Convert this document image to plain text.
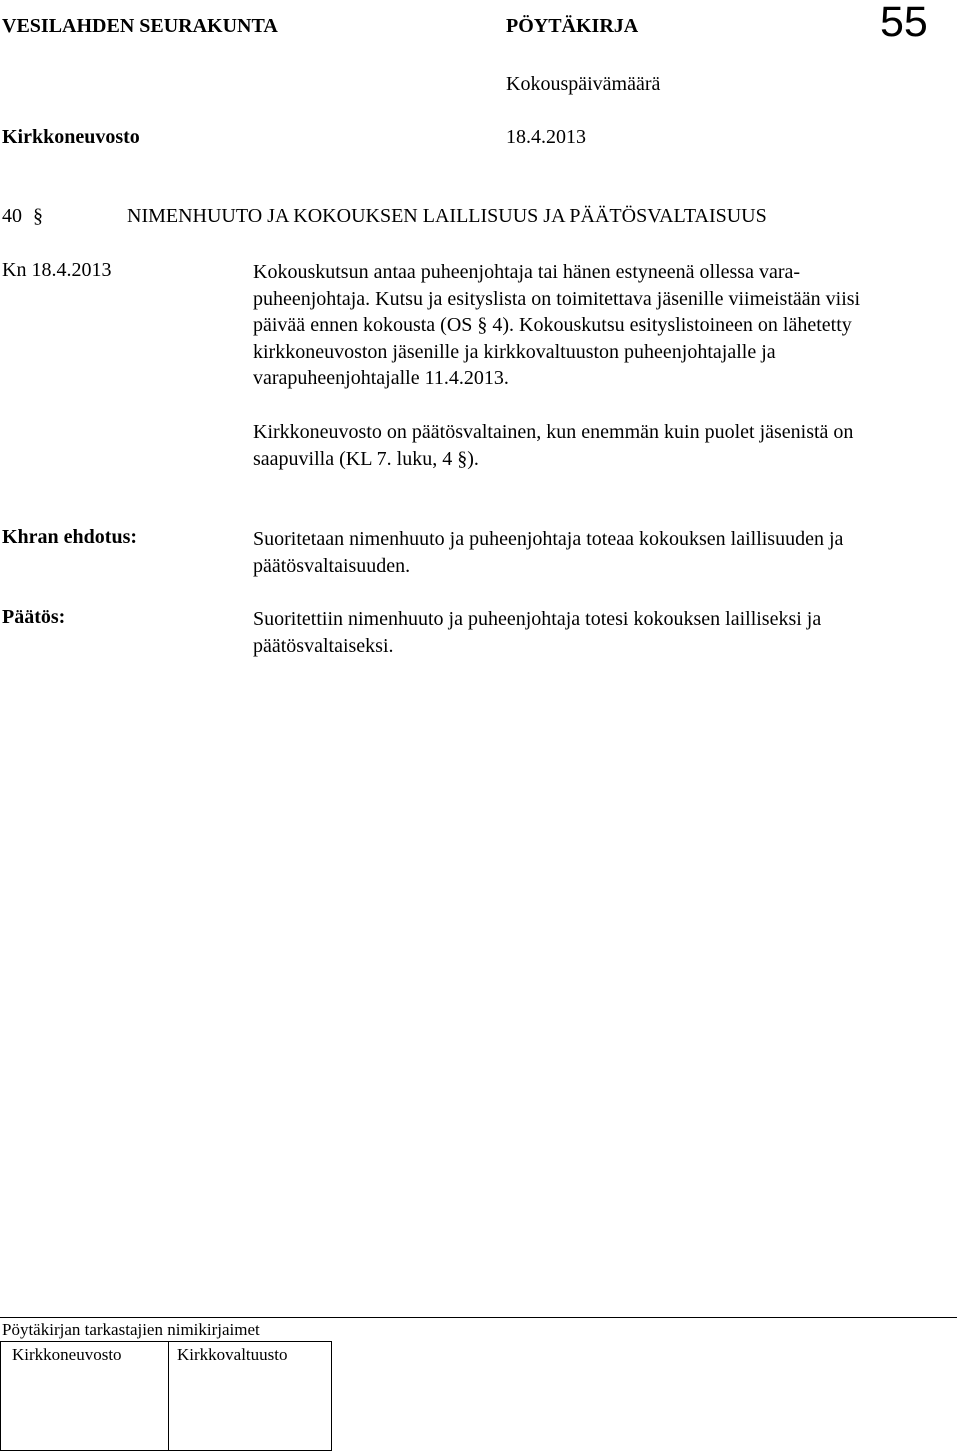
VESILAHDEN SEURAKUNTA	PÖYTÄKIRJA	55
Kokouspäivämäärä
Kirkkoneuvosto	18.4.2013
40 §	NIMENHUUTO JA KOKOUKSEN LAILLISUUS JA PÄÄTÖSVALTAISUUS
Kn 18.4.2013	Kokouskutsun antaa puheenjohtaja tai hänen estyneenä ollessa vara-
puheenjohtaja. Kutsu ja esityslista on toimitettava jäsenille viimeistään viisi
päivää ennen kokousta (OS § 4). Kokouskutsu esityslistoineen on lähetetty
kirkkoneuvoston jäsenille ja kirkkovaltuuston puheenjohtajalle ja
varapuheenjohtajalle 11.4.2013.
Kirkkoneuvosto on päätösvaltainen, kun enemmän kuin puolet jäsenistä on
saapuvilla (KL 7. luku, 4 §).
Khran ehdotus:	Suoritetaan nimenhuuto ja puheenjohtaja toteaa kokouksen laillisuuden ja
päätösvaltaisuuden.
Päätös:	Suoritettiin nimenhuuto ja puheenjohtaja totesi kokouksen lailliseksi ja
päätösvaltaiseksi.
Pöytäkirjan tarkastajien nimikirjaimet
Kirkkoneuvosto	Kirkkovaltuusto
